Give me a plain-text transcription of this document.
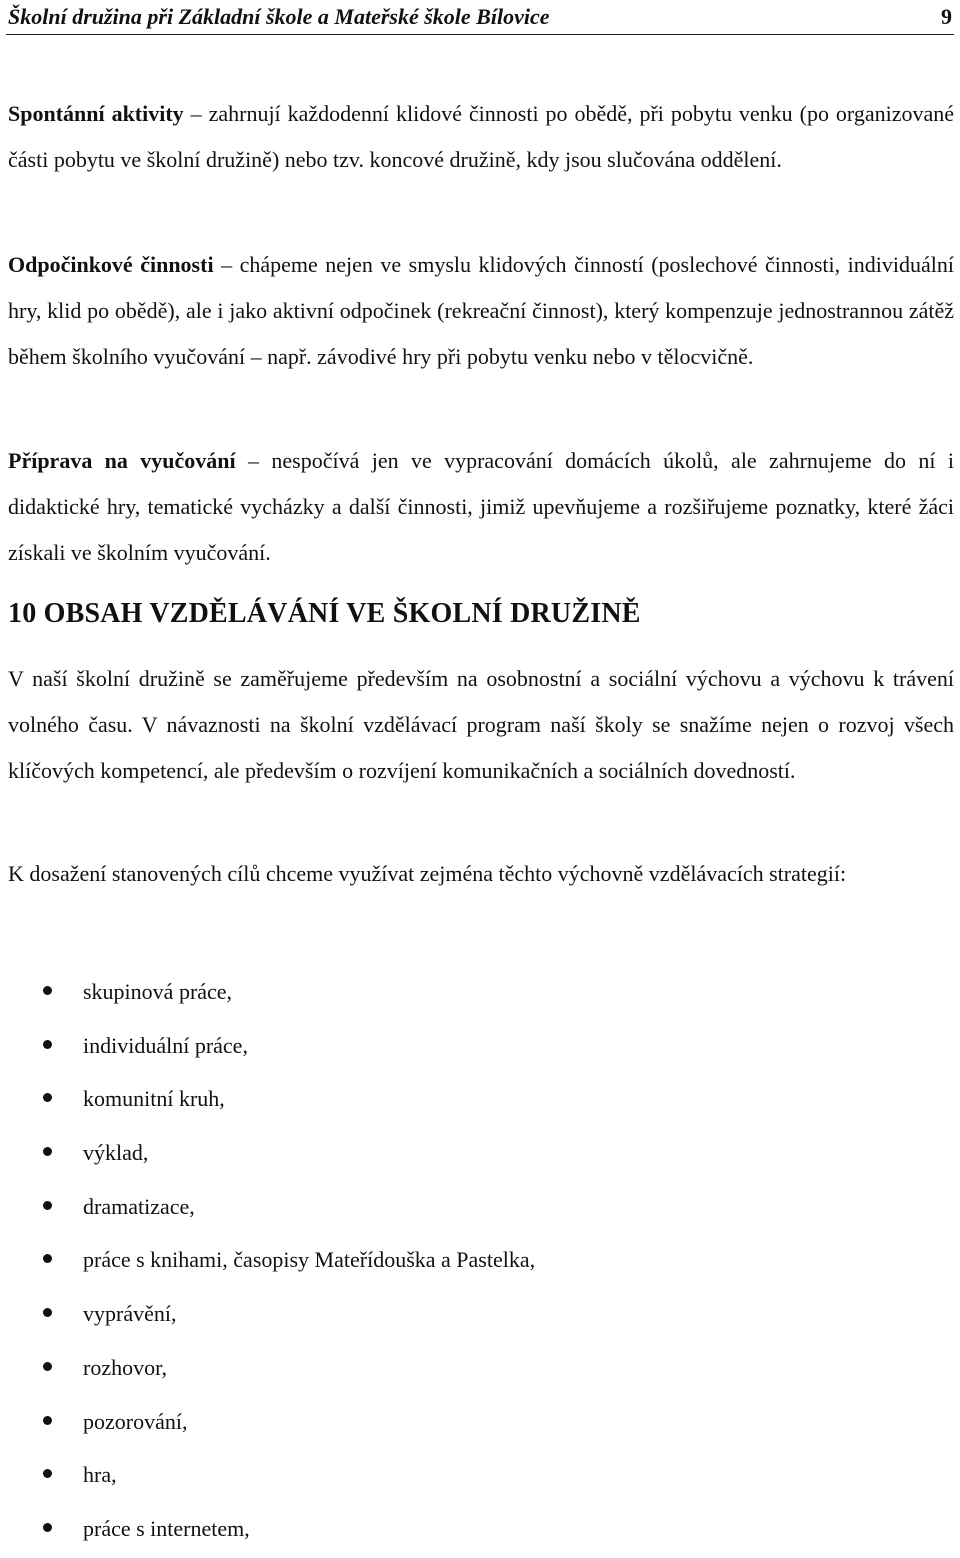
Školní družina při Základní škole a Mateřské škole Bílovice	9

Spontánní aktivity – zahrnují každodenní klidové činnosti po obědě, při pobytu venku (po organizované části pobytu ve školní družině) nebo tzv. koncové družině, kdy jsou slučována oddělení.

Odpočinkové činnosti – chápeme nejen ve smyslu klidových činností (poslechové činnosti, individuální hry, klid po obědě), ale i jako aktivní odpočinek (rekreační činnost), který kompenzuje jednostrannou zátěž během školního vyučování – např. závodivé hry při pobytu venku nebo v tělocvičně.

Příprava na vyučování – nespočívá jen ve vypracování domácích úkolů, ale zahrnujeme do ní i didaktické hry, tematické vycházky a další činnosti, jimiž upevňujeme a rozšiřujeme poznatky, které žáci získali ve školním vyučování.

10 OBSAH VZDĚLÁVÁNÍ VE ŠKOLNÍ DRUŽINĚ

V naší školní družině se zaměřujeme především na osobnostní a sociální výchovu a výchovu k trávení volného času. V návaznosti na školní vzdělávací program naší školy se snažíme nejen o rozvoj všech klíčových kompetencí, ale především o rozvíjení komunikačních a sociálních dovedností.

K dosažení stanovených cílů chceme využívat zejména těchto výchovně vzdělávacích strategií:

skupinová práce,
individuální práce,
komunitní kruh,
výklad,
dramatizace,
práce s knihami, časopisy Mateřídouška a Pastelka,
vyprávění,
rozhovor,
pozorování,
hra,
práce s internetem,
